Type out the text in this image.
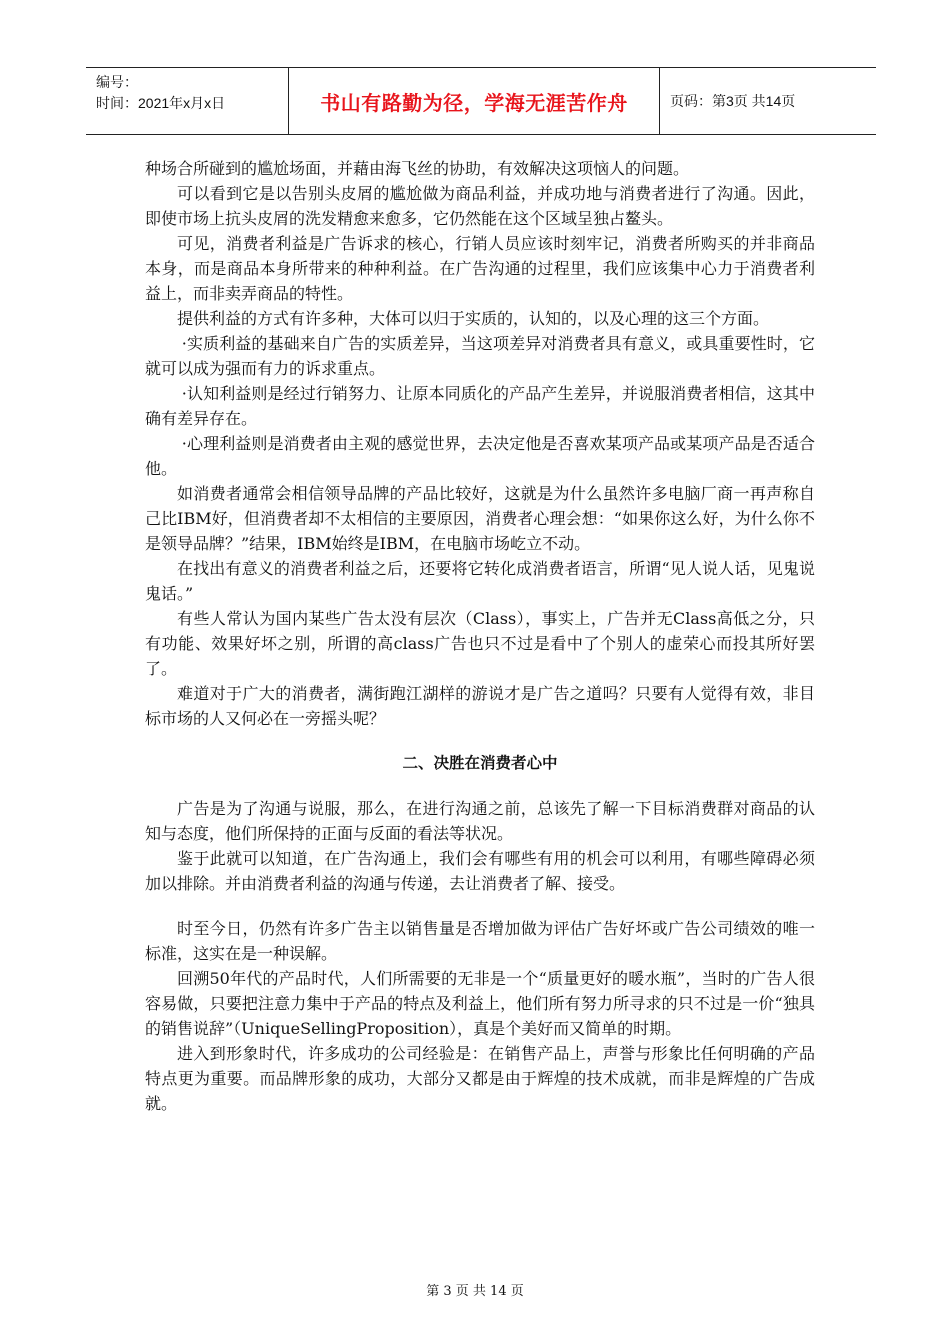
编号：
时间：2021年x月x日	书山有路勤为径，学海无涯苦作舟	页码：第3页 共14页

种场合所碰到的尴尬场面，并藉由海飞丝的协助，有效解决这项恼人的问题。

可以看到它是以告别头皮屑的尴尬做为商品利益，并成功地与消费者进行了沟通。因此，即使市场上抗头皮屑的洗发精愈来愈多，它仍然能在这个区域呈独占鳌头。

可见，消费者利益是广告诉求的核心，行销人员应该时刻牢记，消费者所购买的并非商品本身，而是商品本身所带来的种种利益。在广告沟通的过程里，我们应该集中心力于消费者利益上，而非卖弄商品的特性。

提供利益的方式有许多种，大体可以归于实质的，认知的，以及心理的这三个方面。

·实质利益的基础来自广告的实质差异，当这项差异对消费者具有意义，或具重要性时，它就可以成为强而有力的诉求重点。

·认知利益则是经过行销努力、让原本同质化的产品产生差异，并说服消费者相信，这其中确有差异存在。

·心理利益则是消费者由主观的感觉世界，去决定他是否喜欢某项产品或某项产品是否适合他。

如消费者通常会相信领导品牌的产品比较好，这就是为什么虽然许多电脑厂商一再声称自己比IBM好，但消费者却不太相信的主要原因，消费者心理会想：“如果你这么好，为什么你不是领导品牌？”结果，IBM始终是IBM，在电脑市场屹立不动。

在找出有意义的消费者利益之后，还要将它转化成消费者语言，所谓“见人说人话，见鬼说鬼话。”

有些人常认为国内某些广告太没有层次（Class），事实上，广告并无Class高低之分，只有功能、效果好坏之别，所谓的高class广告也只不过是看中了个别人的虚荣心而投其所好罢了。

难道对于广大的消费者，满街跑江湖样的游说才是广告之道吗？只要有人觉得有效，非目标市场的人又何必在一旁摇头呢？

二、决胜在消费者心中

广告是为了沟通与说服，那么，在进行沟通之前，总该先了解一下目标消费群对商品的认知与态度，他们所保持的正面与反面的看法等状况。

鉴于此就可以知道，在广告沟通上，我们会有哪些有用的机会可以利用，有哪些障碍必须加以排除。并由消费者利益的沟通与传递，去让消费者了解、接受。

时至今日，仍然有许多广告主以销售量是否增加做为评估广告好坏或广告公司绩效的唯一标准，这实在是一种误解。

回溯50年代的产品时代，人们所需要的无非是一个“质量更好的暖水瓶”，当时的广告人很容易做，只要把注意力集中于产品的特点及利益上，他们所有努力所寻求的只不过是一价“独具的销售说辞”（UniqueSellingProposition），真是个美好而又简单的时期。

进入到形象时代，许多成功的公司经验是：在销售产品上，声誉与形象比任何明确的产品特点更为重要。而品牌形象的成功，大部分又都是由于辉煌的技术成就，而非是辉煌的广告成就。

第 3 页 共 14 页
